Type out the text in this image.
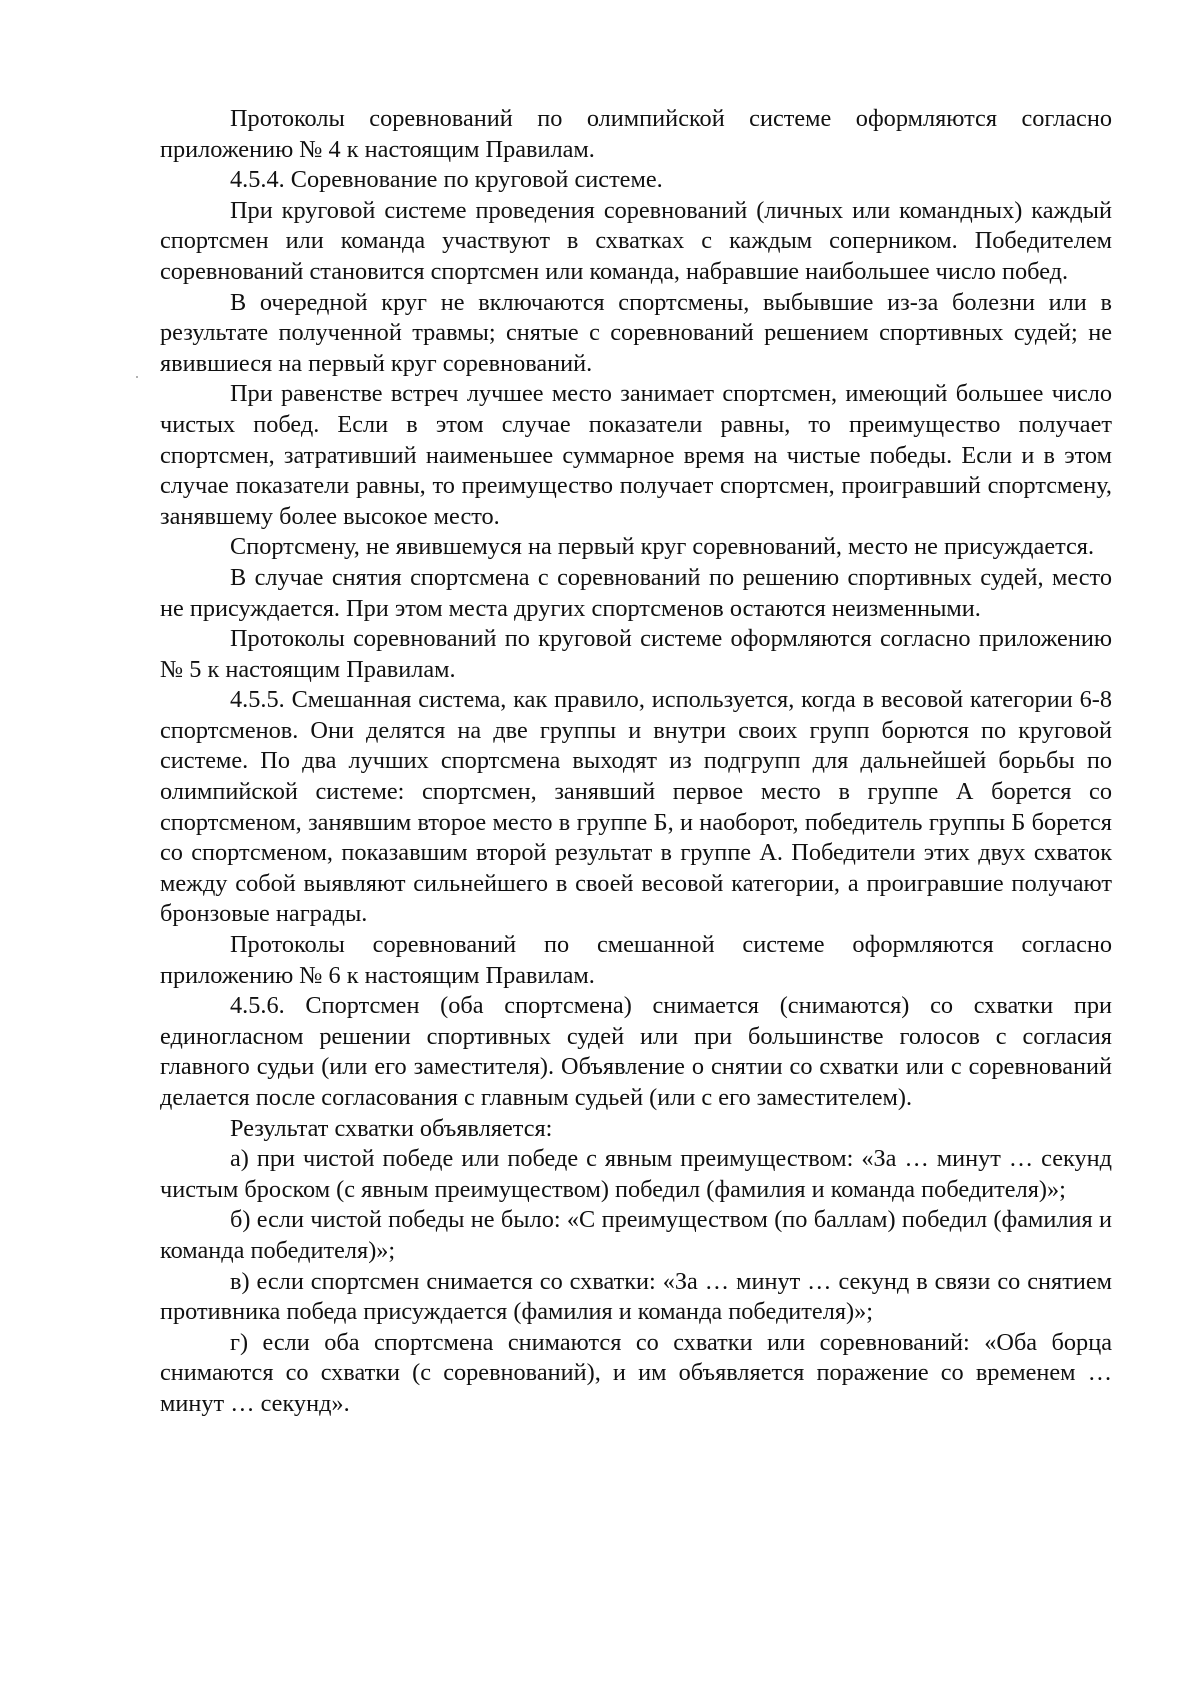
Протоколы соревнований по олимпийской системе оформляются согласно приложению № 4 к настоящим Правилам.

4.5.4. Соревнование по круговой системе.

При круговой системе проведения соревнований (личных или командных) каждый спортсмен или команда участвуют в схватках с каждым соперником. Победителем соревнований становится спортсмен или команда, набравшие наибольшее число побед.

В очередной круг не включаются спортсмены, выбывшие из-за болезни или в результате полученной травмы; снятые с соревнований решением спортивных судей; не явившиеся на первый круг соревнований.

При равенстве встреч лучшее место занимает спортсмен, имеющий большее число чистых побед. Если в этом случае показатели равны, то преимущество получает спортсмен, затративший наименьшее суммарное время на чистые победы. Если и в этом случае показатели равны, то преимущество получает спортсмен, проигравший спортсмену, занявшему более высокое место.

Спортсмену, не явившемуся на первый круг соревнований, место не присуждается.

В случае снятия спортсмена с соревнований по решению спортивных судей, место не присуждается. При этом места других спортсменов остаются неизменными.

Протоколы соревнований по круговой системе оформляются согласно приложению № 5 к настоящим Правилам.

4.5.5. Смешанная система, как правило, используется, когда в весовой категории 6-8 спортсменов. Они делятся на две группы и внутри своих групп борются по круговой системе. По два лучших спортсмена выходят из подгрупп для дальнейшей борьбы по олимпийской системе: спортсмен, занявший первое место в группе А борется со спортсменом, занявшим второе место в группе Б, и наоборот, победитель группы Б борется со спортсменом, показавшим второй результат в группе А. Победители этих двух схваток между собой выявляют сильнейшего в своей весовой категории, а проигравшие получают бронзовые награды.

Протоколы соревнований по смешанной системе оформляются согласно приложению № 6 к настоящим Правилам.

4.5.6. Спортсмен (оба спортсмена) снимается (снимаются) со схватки при единогласном решении спортивных судей или при большинстве голосов с согласия главного судьи (или его заместителя). Объявление о снятии со схватки или с соревнований делается после согласования с главным судьей (или с его заместителем).

Результат схватки объявляется:

а) при чистой победе или победе с явным преимуществом: «За … минут … секунд чистым броском (с явным преимуществом) победил (фамилия и команда победителя)»;

б) если чистой победы не было: «С преимуществом (по баллам) победил (фамилия и команда победителя)»;

в) если спортсмен снимается со схватки: «За … минут … секунд в связи со снятием противника победа присуждается (фамилия и команда победителя)»;

г) если оба спортсмена снимаются со схватки или соревнований: «Оба борца снимаются со схватки (с соревнований), и им объявляется поражение со временем … минут … секунд».
